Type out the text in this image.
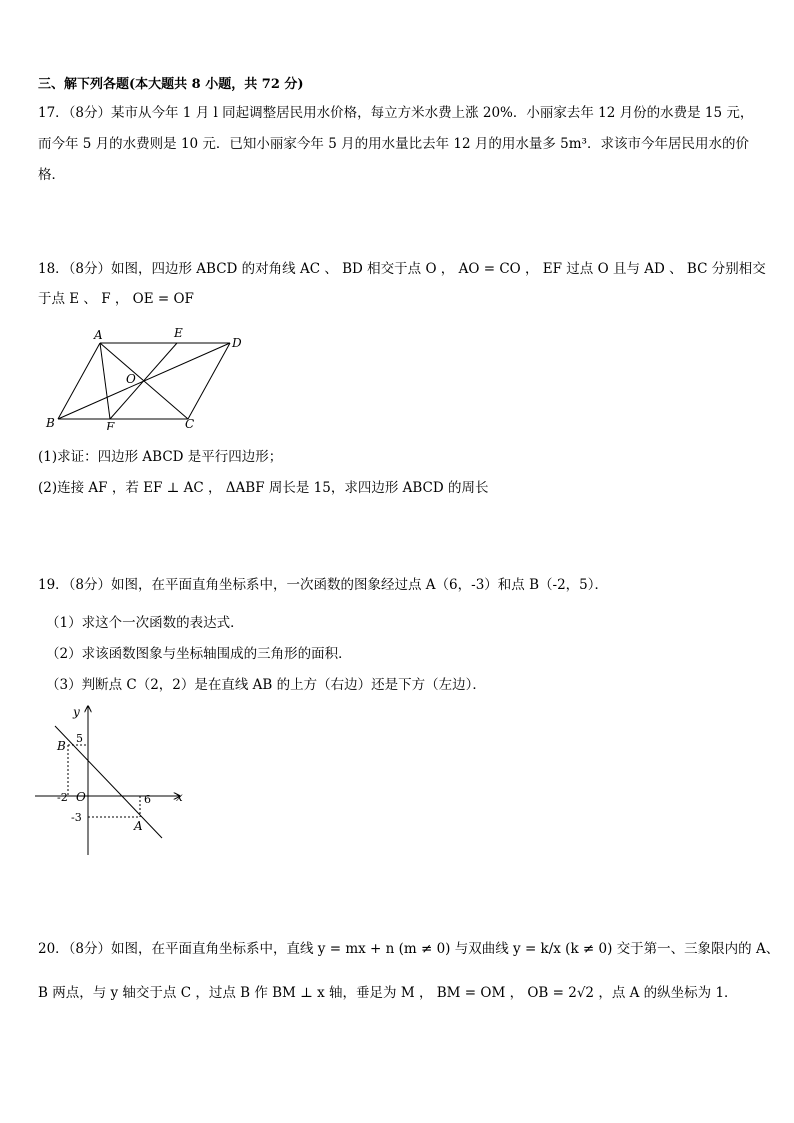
三、解下列各题(本大题共 8 小题，共 72 分)
17．（8分）某市从今年 1 月 l 同起调整居民用水价格，每立方米水费上涨 20%．小丽家去年 12 月份的水费是 15 元，
而今年 5 月的水费则是 10 元．已知小丽家今年 5 月的用水量比去年 12 月的用水量多 5m³．求该市今年居民用水的价
格．
18．（8分）如图，四边形 ABCD 的对角线 AC 、 BD 相交于点 O ， AO = CO ， EF 过点 O 且与 AD 、 BC 分别相交
于点 E 、 F ， OE = OF
A	E
D
O
B	F	C
(1)求证：四边形 ABCD 是平行四边形；
(2)连接 AF ，若 EF ⊥ AC ， ΔABF 周长是 15，求四边形 ABCD 的周长
19．（8分）如图，在平面直角坐标系中，一次函数的图象经过点 A（6，-3）和点 B（-2，5）．
（1）求这个一次函数的表达式．
（2）求该函数图象与坐标轴围成的三角形的面积．
（3）判断点 C（2，2）是在直线 AB 的上方（右边）还是下方（左边）．
y
x
5
B
-2 O	6
-3
A
20．（8分）如图，在平面直角坐标系中，直线 y = mx + n (m ≠ 0) 与双曲线 y = k/x (k ≠ 0) 交于第一、三象限内的 A、
B 两点，与 y 轴交于点 C ，过点 B 作 BM ⊥ x 轴，垂足为 M ， BM = OM ， OB = 2√2 ，点 A 的纵坐标为 1．
